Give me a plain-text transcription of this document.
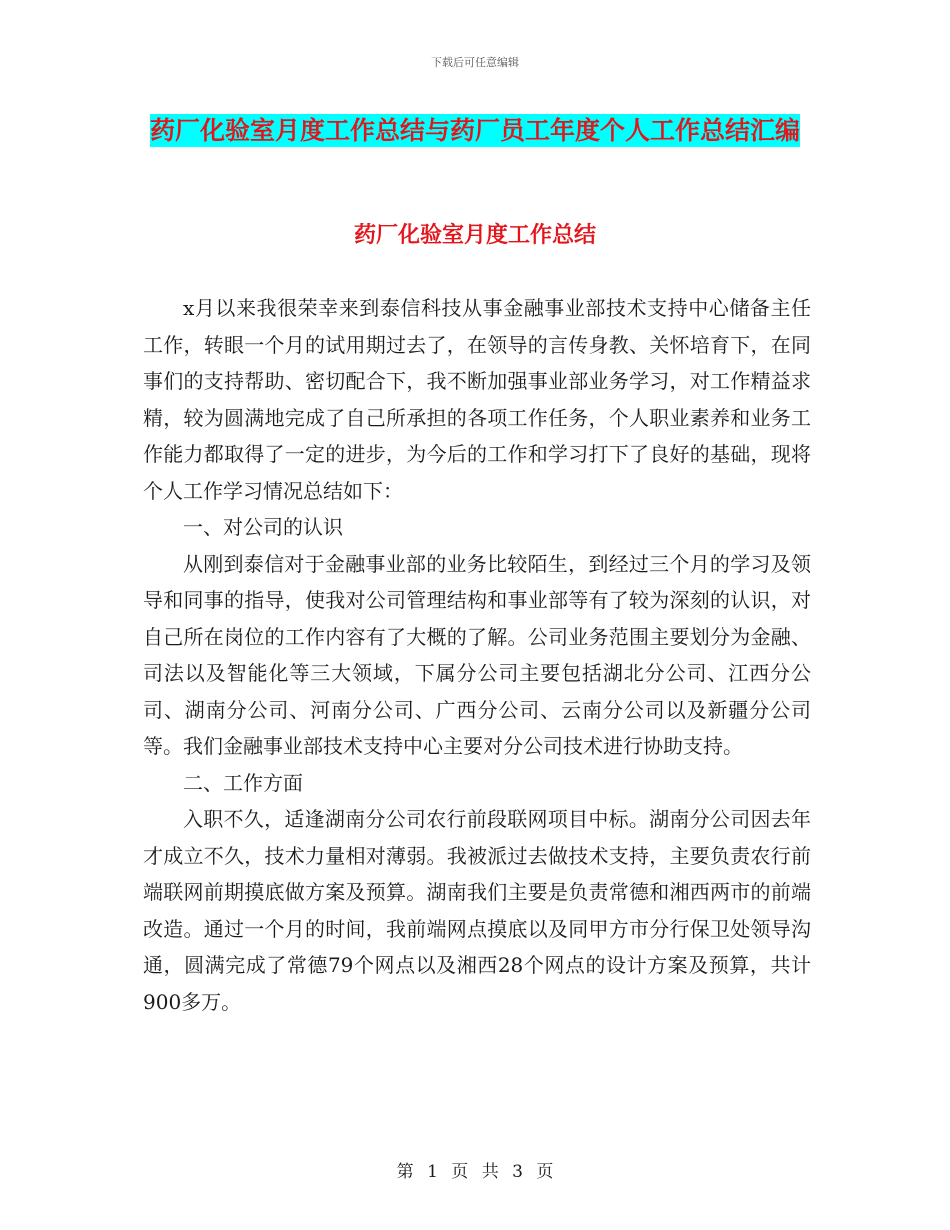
下载后可任意编辑
药厂化验室月度工作总结与药厂员工年度个人工作总结汇编
药厂化验室月度工作总结

x月以来我很荣幸来到泰信科技从事金融事业部技术支持中心储备主任工作，转眼一个月的试用期过去了，在领导的言传身教、关怀培育下，在同事们的支持帮助、密切配合下，我不断加强事业部业务学习，对工作精益求精，较为圆满地完成了自己所承担的各项工作任务，个人职业素养和业务工作能力都取得了一定的进步，为今后的工作和学习打下了良好的基础，现将个人工作学习情况总结如下：

一、对公司的认识

从刚到泰信对于金融事业部的业务比较陌生，到经过三个月的学习及领导和同事的指导，使我对公司管理结构和事业部等有了较为深刻的认识，对自己所在岗位的工作内容有了大概的了解。公司业务范围主要划分为金融、司法以及智能化等三大领域，下属分公司主要包括湖北分公司、江西分公司、湖南分公司、河南分公司、广西分公司、云南分公司以及新疆分公司等。我们金融事业部技术支持中心主要对分公司技术进行协助支持。

二、工作方面

入职不久，适逢湖南分公司农行前段联网项目中标。湖南分公司因去年才成立不久，技术力量相对薄弱。我被派过去做技术支持，主要负责农行前端联网前期摸底做方案及预算。湖南我们主要是负责常德和湘西两市的前端改造。通过一个月的时间，我前端网点摸底以及同甲方市分行保卫处领导沟通，圆满完成了常德79个网点以及湘西28个网点的设计方案及预算，共计900多万。

第 1 页 共 3 页
